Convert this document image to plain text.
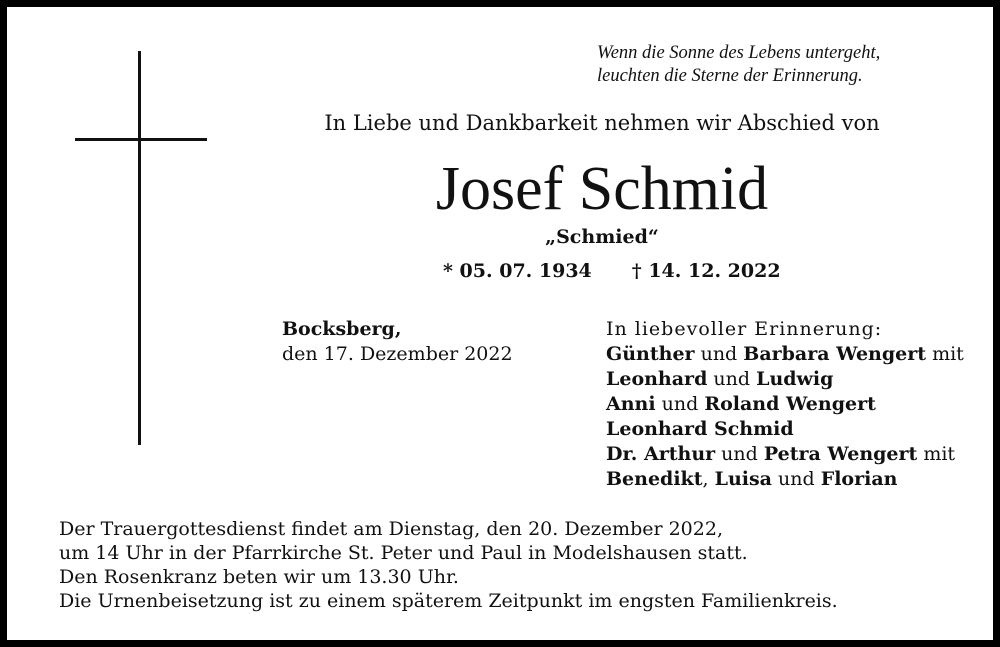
Wenn die Sonne des Lebens untergeht,
leuchten die Sterne der Erinnerung.
In Liebe und Dankbarkeit nehmen wir Abschied von
Josef Schmid
„Schmied“
* 05. 07. 1934 † 14. 12. 2022
Bocksberg,
den 17. Dezember 2022
In liebevoller Erinnerung:
Günther und Barbara Wengert mit
Leonhard und Ludwig
Anni und Roland Wengert
Leonhard Schmid
Dr. Arthur und Petra Wengert mit
Benedikt, Luisa und Florian
Der Trauergottesdienst findet am Dienstag, den 20. Dezember 2022,
um 14 Uhr in der Pfarrkirche St. Peter und Paul in Modelshausen statt.
Den Rosenkranz beten wir um 13.30 Uhr.
Die Urnenbeisetzung ist zu einem späterem Zeitpunkt im engsten Familienkreis.
